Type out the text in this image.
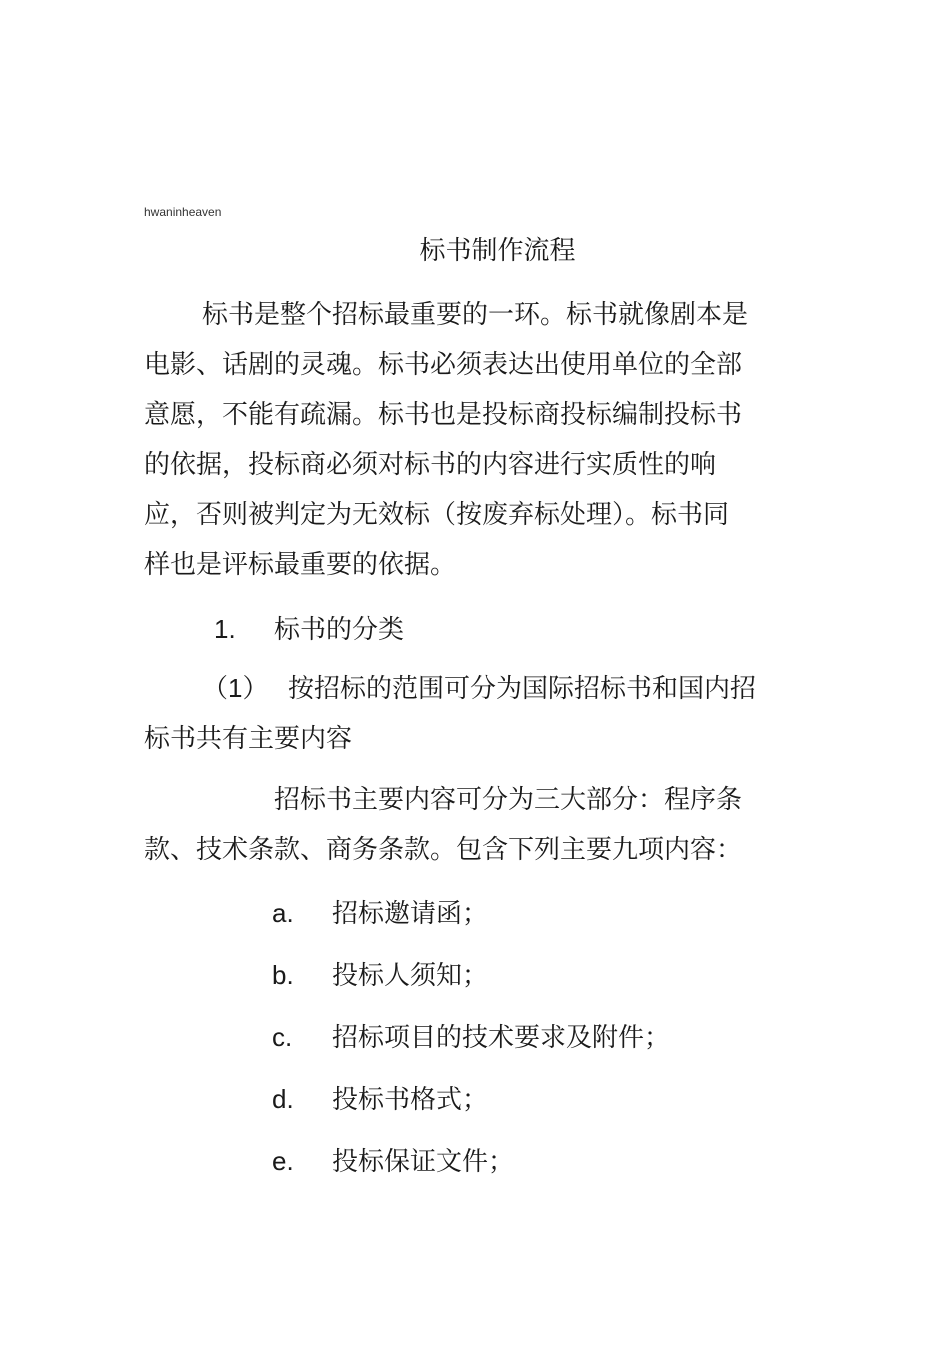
hwaninheaven
标书制作流程
标书是整个招标最重要的一环。标书就像剧本是
电影、话剧的灵魂。标书必须表达出使用单位的全部
意愿，不能有疏漏。标书也是投标商投标编制投标书
的依据，投标商必须对标书的内容进行实质性的响
应，否则被判定为无效标（按废弃标处理）。标书同
样也是评标最重要的依据。
1. 标书的分类
（1） 按招标的范围可分为国际招标书和国内招
标书共有主要内容
招标书主要内容可分为三大部分：程序条
款、技术条款、商务条款。包含下列主要九项内容：
a. 招标邀请函；
b. 投标人须知；
c. 招标项目的技术要求及附件；
d. 投标书格式；
e. 投标保证文件；
